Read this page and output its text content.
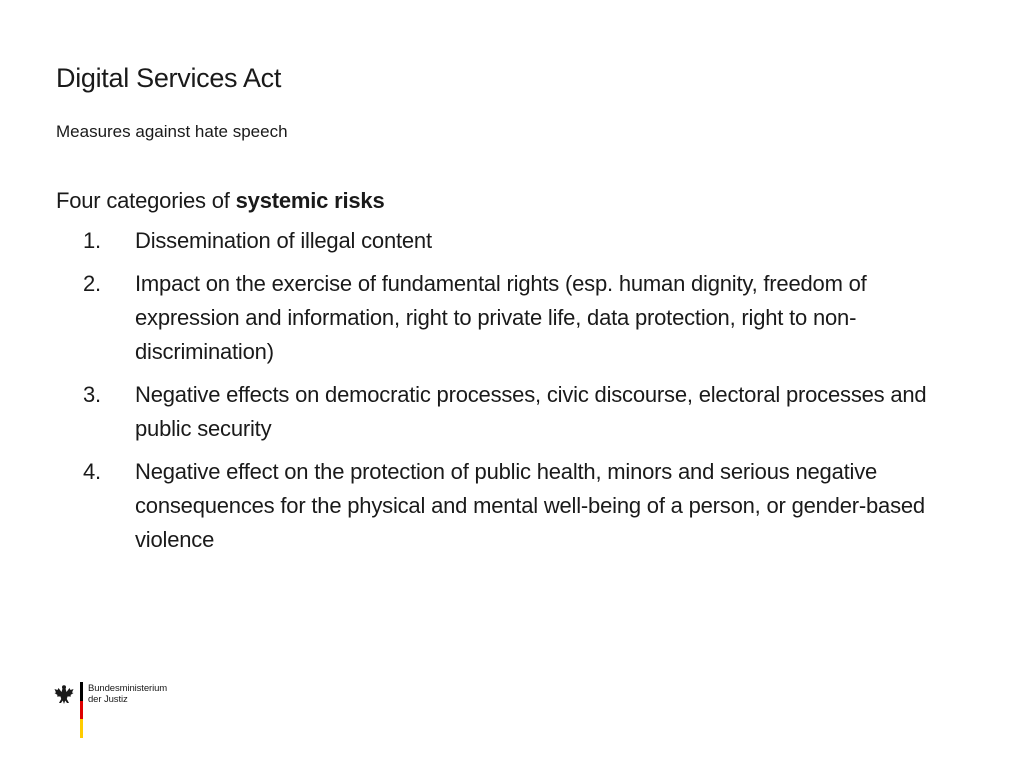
Digital Services Act
Measures against hate speech
Four categories of systemic risks
1. Dissemination of illegal content
2. Impact on the exercise of fundamental rights (esp. human dignity, freedom of expression and information, right to private life, data protection, right to non-discrimination)
3. Negative effects on democratic processes, civic discourse, electoral processes and public security
4. Negative effect on the protection of public health, minors and serious negative consequences for the physical and mental well-being of a person, or gender-based violence
Bundesministerium
der Justiz
